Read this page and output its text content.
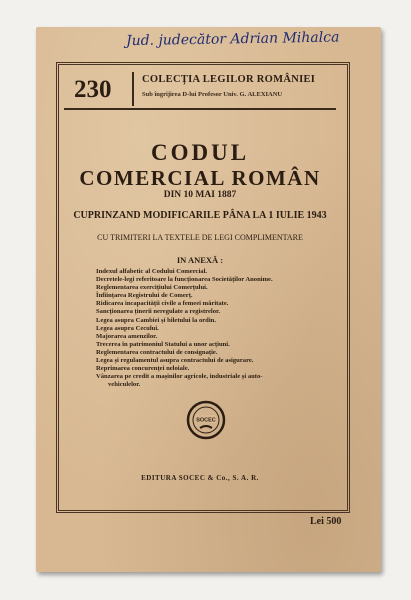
Jud. judecător Adrian Mihalca
230	COLECȚIA LEGILOR ROMÂNIEI
Sub îngrijirea D-lui Profesor Univ. G. ALEXIANU
CODUL
COMERCIAL ROMÂN
DIN 10 MAI 1887
CUPRINZAND MODIFICARILE PÂNA LA 1 IULIE 1943
CU TRIMITERI LA TEXTELE DE LEGI COMPLIMENTARE
IN ANEXĂ :
Indexul alfabetic al Codului Comercial.
Decretele-legi referitoare la funcționarea Societăților Anonime.
Reglementarea exercițiului Comerțului.
Înființarea Registrului de Comerț.
Ridicarea incapacității civile a femeei măritate.
Sancționarea ținerii neregulate a registrelor.
Legea asupra Cambiei și biletului la ordin.
Legea asupra Cecului.
Majorarea amenzilor.
Trecerea în patrimoniul Statului a unor acțiuni.
Reglementarea contractului de consignație.
Legea și regulamentul asupra contractului de asigurare.
Reprimarea concurenței neloiale.
Vânzarea pe credit a mașinilor agricole, industriale și auto-
vehiculelor.
SOCEC
EDITURA SOCEC & Co., S. A. R.
Lei 500
